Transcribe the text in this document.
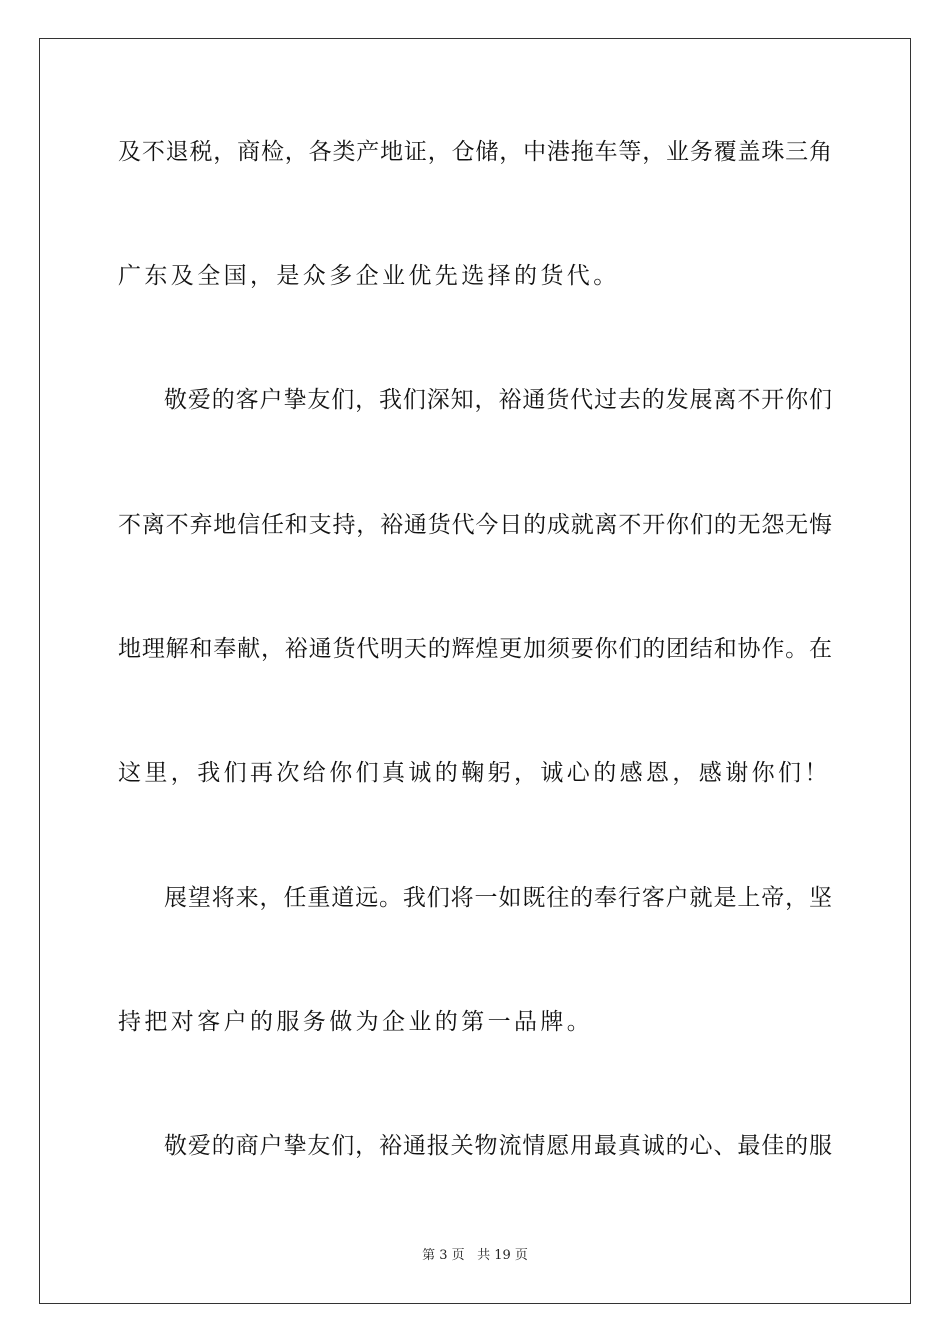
及不退税，商检，各类产地证，仓储，中港拖车等，业务覆盖珠三角
广东及全国，是众多企业优先选择的货代。
敬爱的客户挚友们，我们深知，裕通货代过去的发展离不开你们
不离不弃地信任和支持，裕通货代今日的成就离不开你们的无怨无悔
地理解和奉献，裕通货代明天的辉煌更加须要你们的团结和协作。在
这里，我们再次给你们真诚的鞠躬，诚心的感恩，感谢你们！
展望将来，任重道远。我们将一如既往的奉行客户就是上帝，坚
持把对客户的服务做为企业的第一品牌。
敬爱的商户挚友们，裕通报关物流情愿用最真诚的心、最佳的服
第 3 页 共 19 页
